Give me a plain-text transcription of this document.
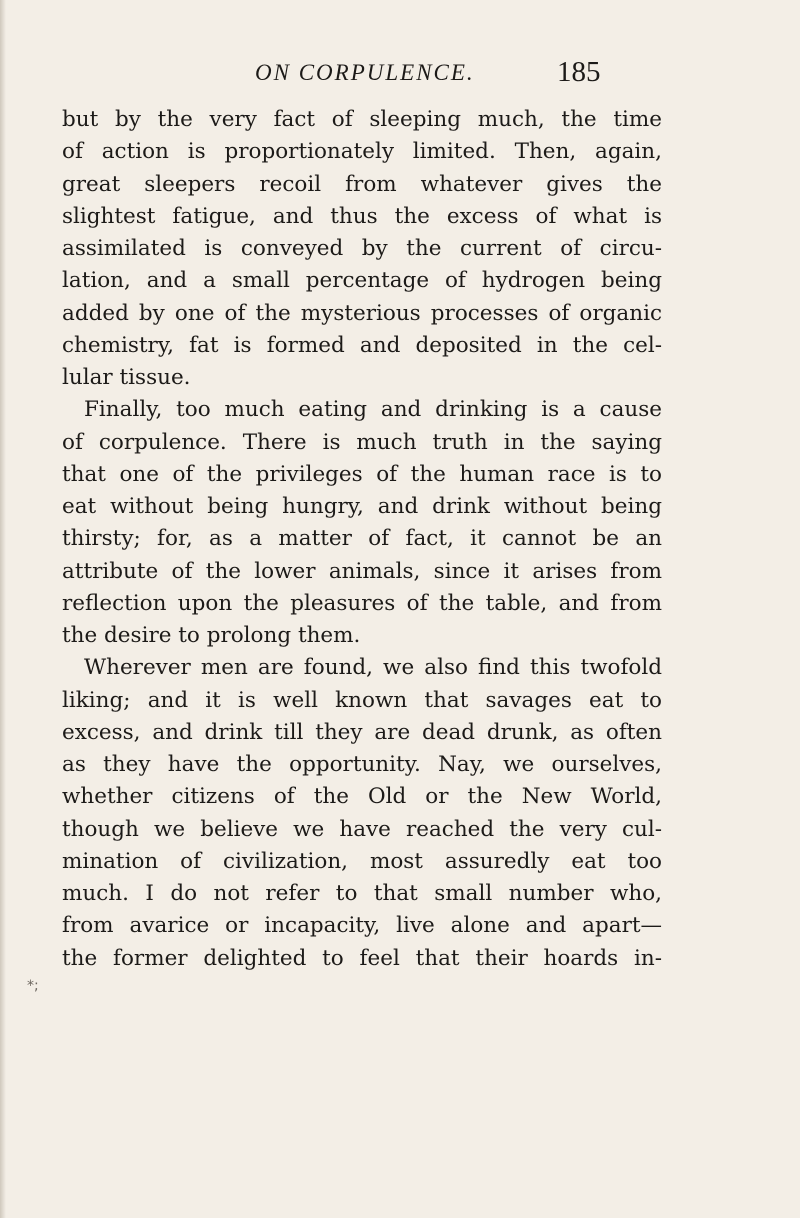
ON CORPULENCE.	185
*;
but by the very fact of sleeping much, the time
of action is proportionately limited. Then, again,
great sleepers recoil from whatever gives the
slightest fatigue, and thus the excess of what is
assimilated is conveyed by the current of circu-
lation, and a small percentage of hydrogen being
added by one of the mysterious processes of organic
chemistry, fat is formed and deposited in the cel-
lular tissue.
Finally, too much eating and drinking is a cause
of corpulence. There is much truth in the saying
that one of the privileges of the human race is to
eat without being hungry, and drink without being
thirsty; for, as a matter of fact, it cannot be an
attribute of the lower animals, since it arises from
reflection upon the pleasures of the table, and from
the desire to prolong them.
Wherever men are found, we also find this twofold
liking; and it is well known that savages eat to
excess, and drink till they are dead drunk, as often
as they have the opportunity. Nay, we ourselves,
whether citizens of the Old or the New World,
though we believe we have reached the very cul-
mination of civilization, most assuredly eat too
much. I do not refer to that small number who,
from avarice or incapacity, live alone and apart—
the former delighted to feel that their hoards in-
